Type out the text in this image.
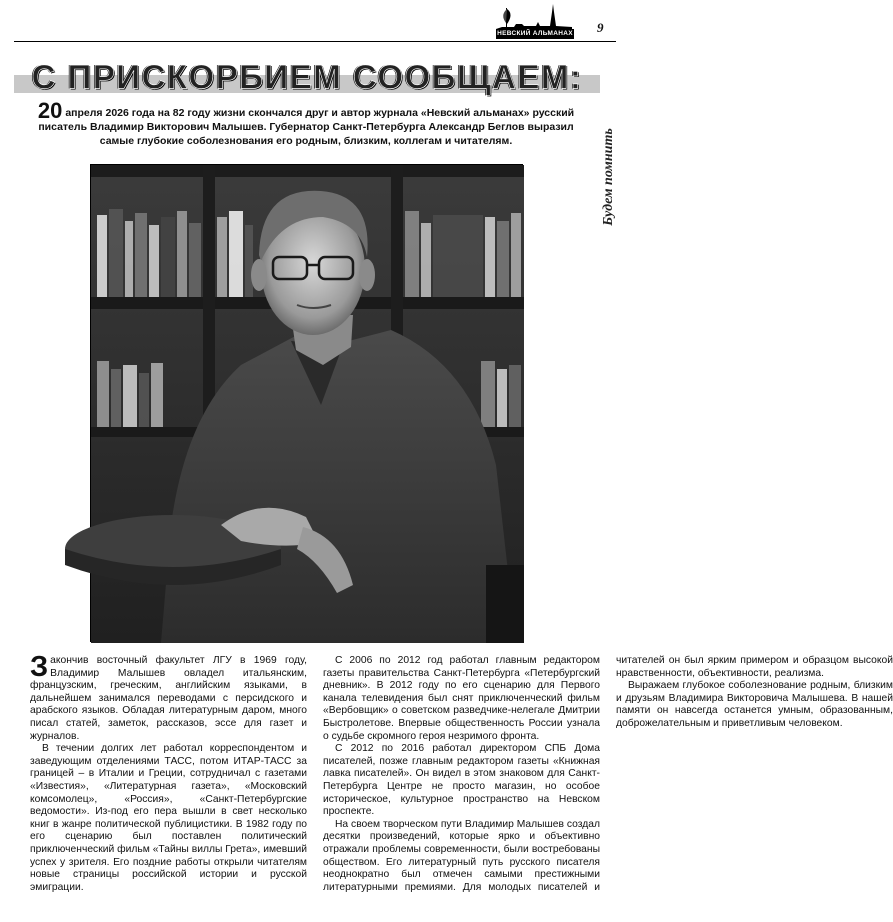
НЕВСКИЙ АЛЬМАНАХ 9
С ПРИСКОРБИЕМ СООБЩАЕМ:
Будем помнить
20 апреля 2026 года на 82 году жизни скончался друг и автор журнала «Невский альманах» русский писатель Владимир Викторович Малышев. Губернатор Санкт-Петербурга Александр Беглов выразил самые глубокие соболезнования его родным, близким, коллегам и читателям.

Закончив восточный факультет ЛГУ в 1969 году, Владимир Малышев овладел итальянским, французским, греческим, английским языками, в дальнейшем занимался переводами с персидского и арабского языков. Обладая литературным даром, много писал статей, заметок, рассказов, эссе для газет и журналов.

В течении долгих лет работал корреспондентом и заведующим отделениями ТАСС, потом ИТАР-ТАСС за границей – в Италии и Греции, сотрудничал с газетами «Известия», «Литературная газета», «Московский комсомолец», «Россия», «Санкт-Петербургские ведомости». Из-под его пера вышли в свет несколько книг в жанре политической публицистики. В 1982 году по его сценарию был поставлен политический приключенческий фильм «Тайны виллы Грета», имевший успех у зрителя. Его поздние работы открыли читателям новые страницы российской истории и русской эмиграции.

С 2006 по 2012 год работал главным редактором газеты правительства Санкт-Петербурга «Петербургский дневник». В 2012 году по его сценарию для Первого канала телевидения был снят приключенческий фильм «Вербовщик» о советском разведчике-нелегале Дмитрии Быстролетове. Впервые общественность России узнала о судьбе скромного героя незримого фронта.

С 2012 по 2016 работал директором СПБ Дома писателей, позже главным редактором газеты «Книжная лавка писателей». Он видел в этом знаковом для Санкт-Петербурга Центре не просто магазин, но особое историческое, культурное пространство на Невском проспекте.

На своем творческом пути Владимир Малышев создал десятки произведений, которые ярко и объективно отражали проблемы современности, были востребованы обществом. Его литературный путь русского писателя неоднократно был отмечен самыми престижными литературными премиями. Для молодых писателей и читателей он был ярким примером и образцом высокой нравственности, объективности, реализма.

Выражаем глубокое соболезнование родным, близким и друзьям Владимира Викторовича Малышева. В нашей памяти он навсегда останется умным, образованным, доброжелательным и приветливым человеком.
